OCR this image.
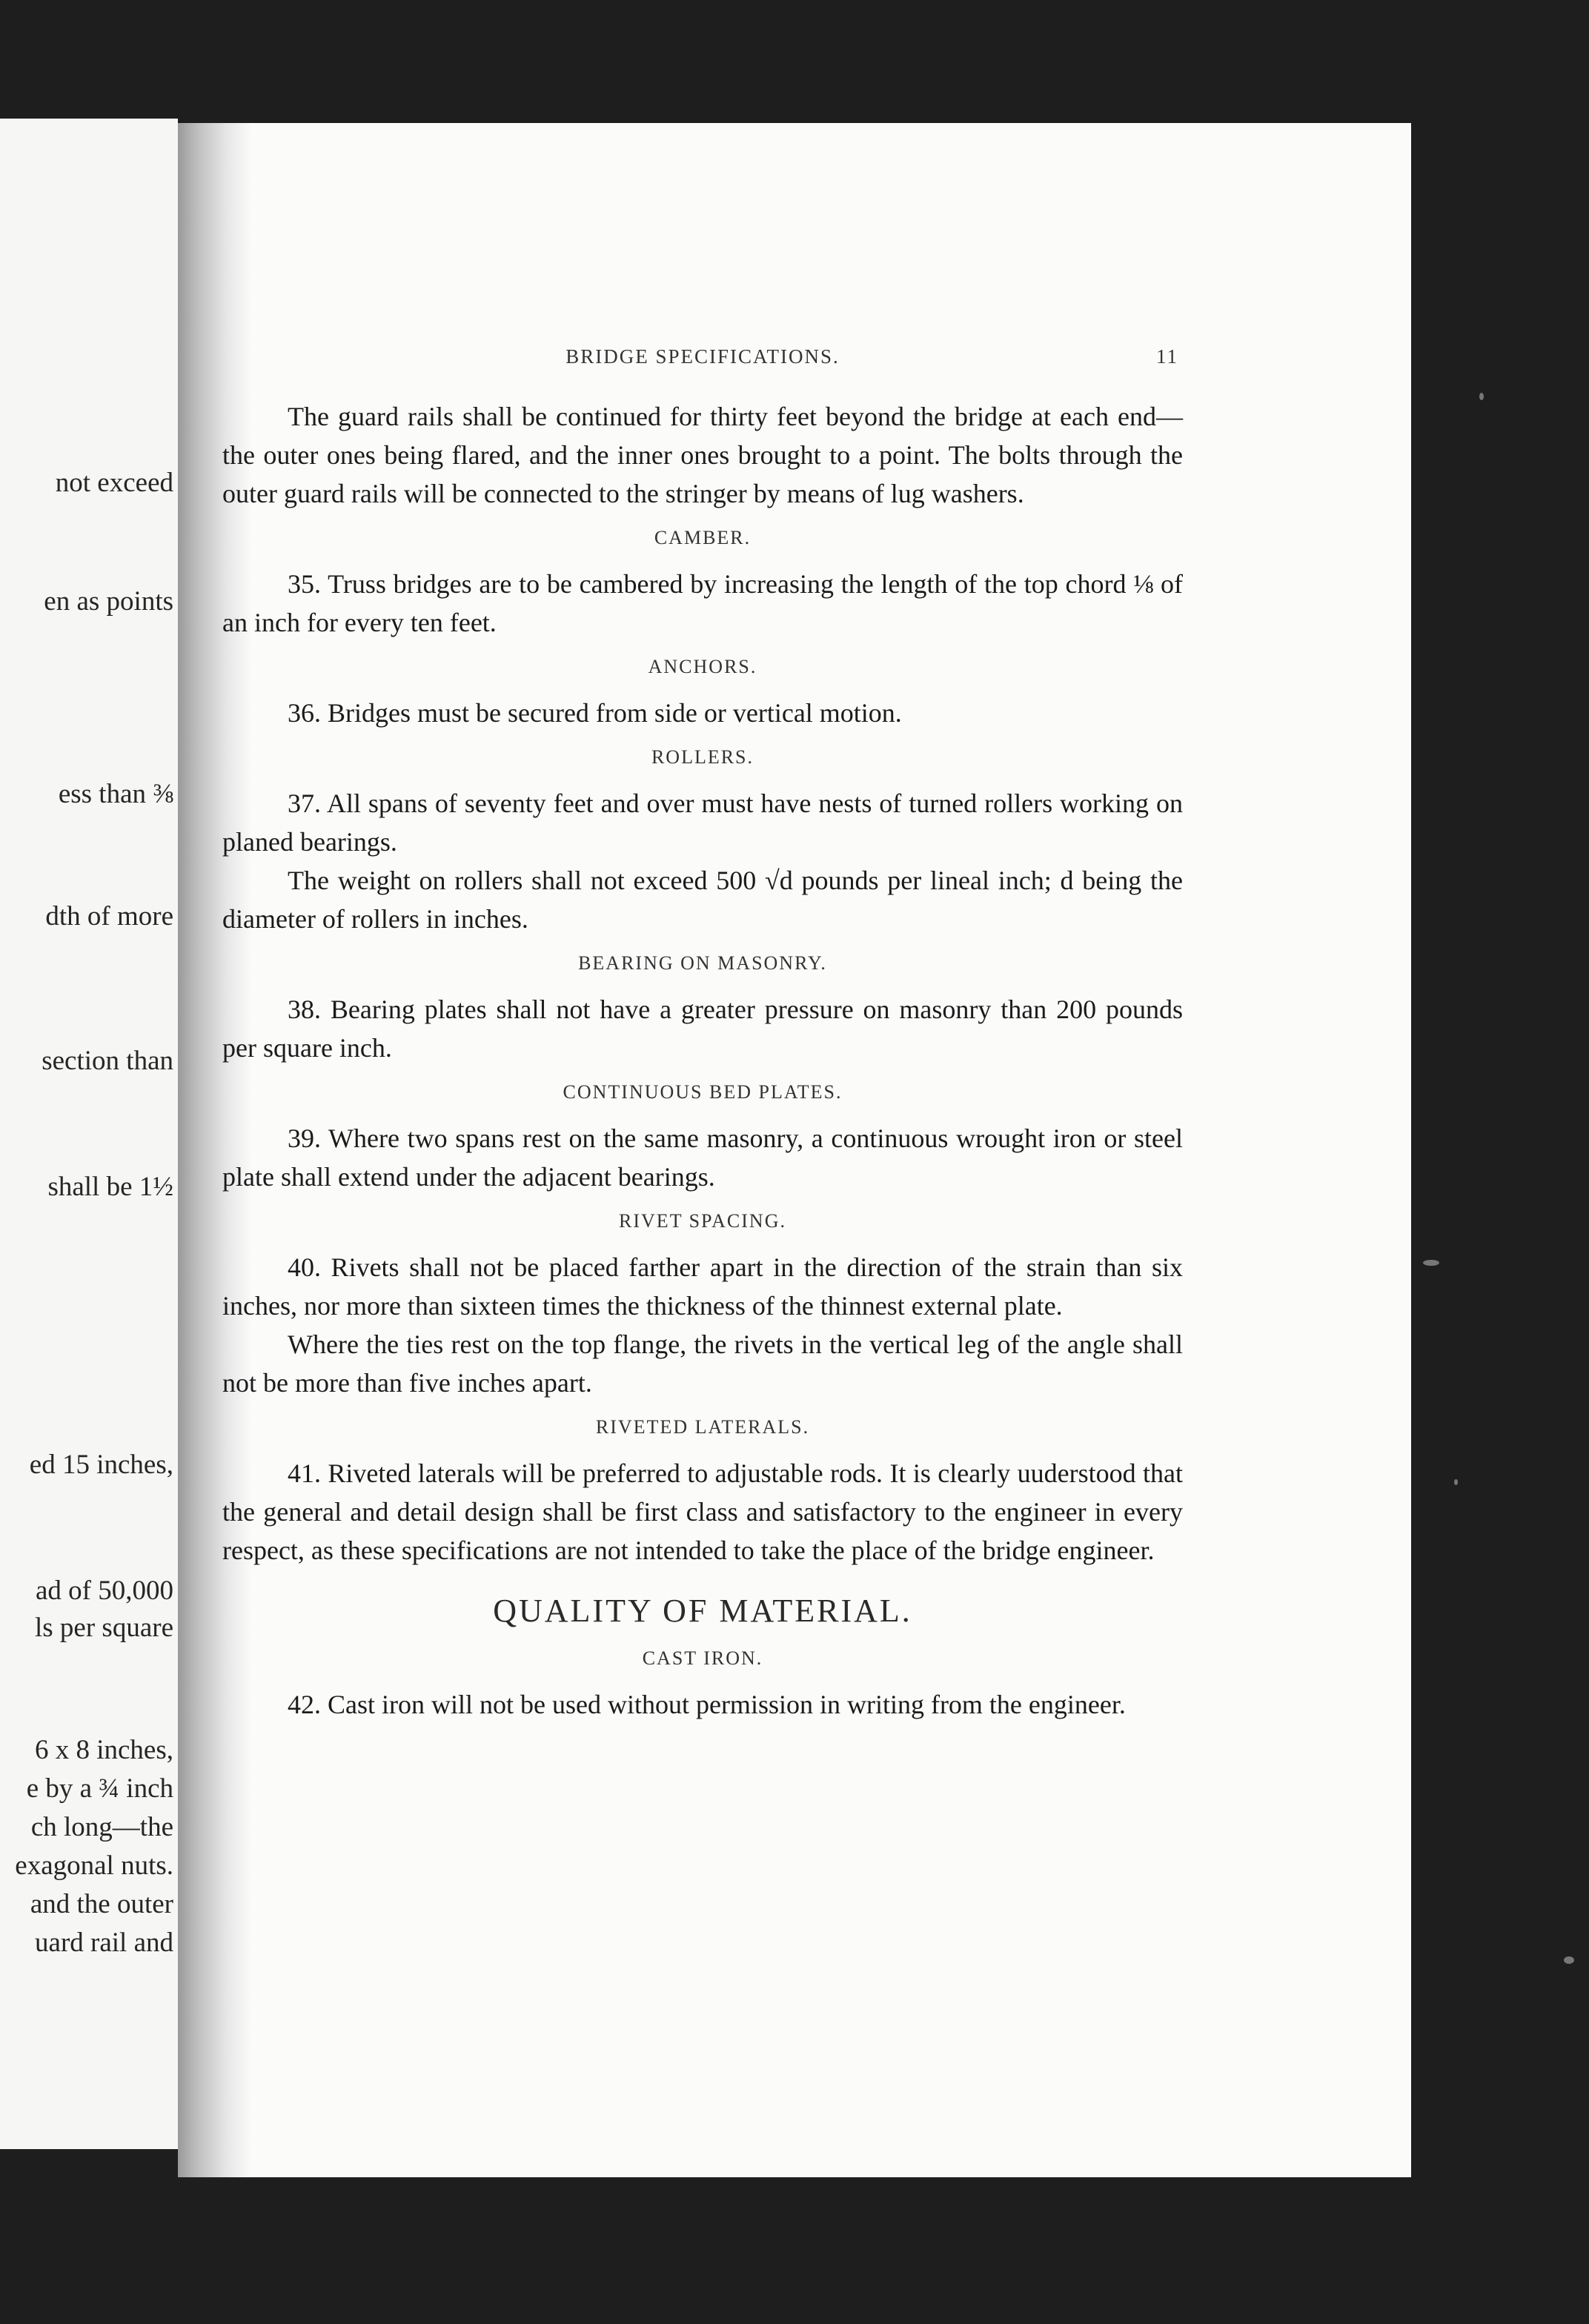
not exceed
en as points
ess than ⅜
dth of more
section than
shall be 1½
ed 15 inches,
ad of 50,000
ls per square
6 x 8 inches,
e by a ¾ inch
ch long—the
exagonal nuts.
and the outer
uard rail and
BRIDGE SPECIFICATIONS.	11

The guard rails shall be continued for thirty feet beyond the bridge at each end—the outer ones being flared, and the inner ones brought to a point. The bolts through the outer guard rails will be connected to the stringer by means of lug washers.

CAMBER.

35. Truss bridges are to be cambered by increasing the length of the top chord ⅛ of an inch for every ten feet.

ANCHORS.

36. Bridges must be secured from side or vertical motion.

ROLLERS.

37. All spans of seventy feet and over must have nests of turned rollers working on planed bearings.

The weight on rollers shall not exceed 500 √d pounds per lineal inch; d being the diameter of rollers in inches.

BEARING ON MASONRY.

38. Bearing plates shall not have a greater pressure on masonry than 200 pounds per square inch.

CONTINUOUS BED PLATES.

39. Where two spans rest on the same masonry, a continuous wrought iron or steel plate shall extend under the adjacent bearings.

RIVET SPACING.

40. Rivets shall not be placed farther apart in the direction of the strain than six inches, nor more than sixteen times the thickness of the thinnest external plate.

Where the ties rest on the top flange, the rivets in the vertical leg of the angle shall not be more than five inches apart.

RIVETED LATERALS.

41. Riveted laterals will be preferred to adjustable rods. It is clearly uuderstood that the general and detail design shall be first class and satisfactory to the engineer in every respect, as these specifications are not intended to take the place of the bridge engineer.

QUALITY OF MATERIAL.
CAST IRON.

42. Cast iron will not be used without permission in writing from the engineer.
